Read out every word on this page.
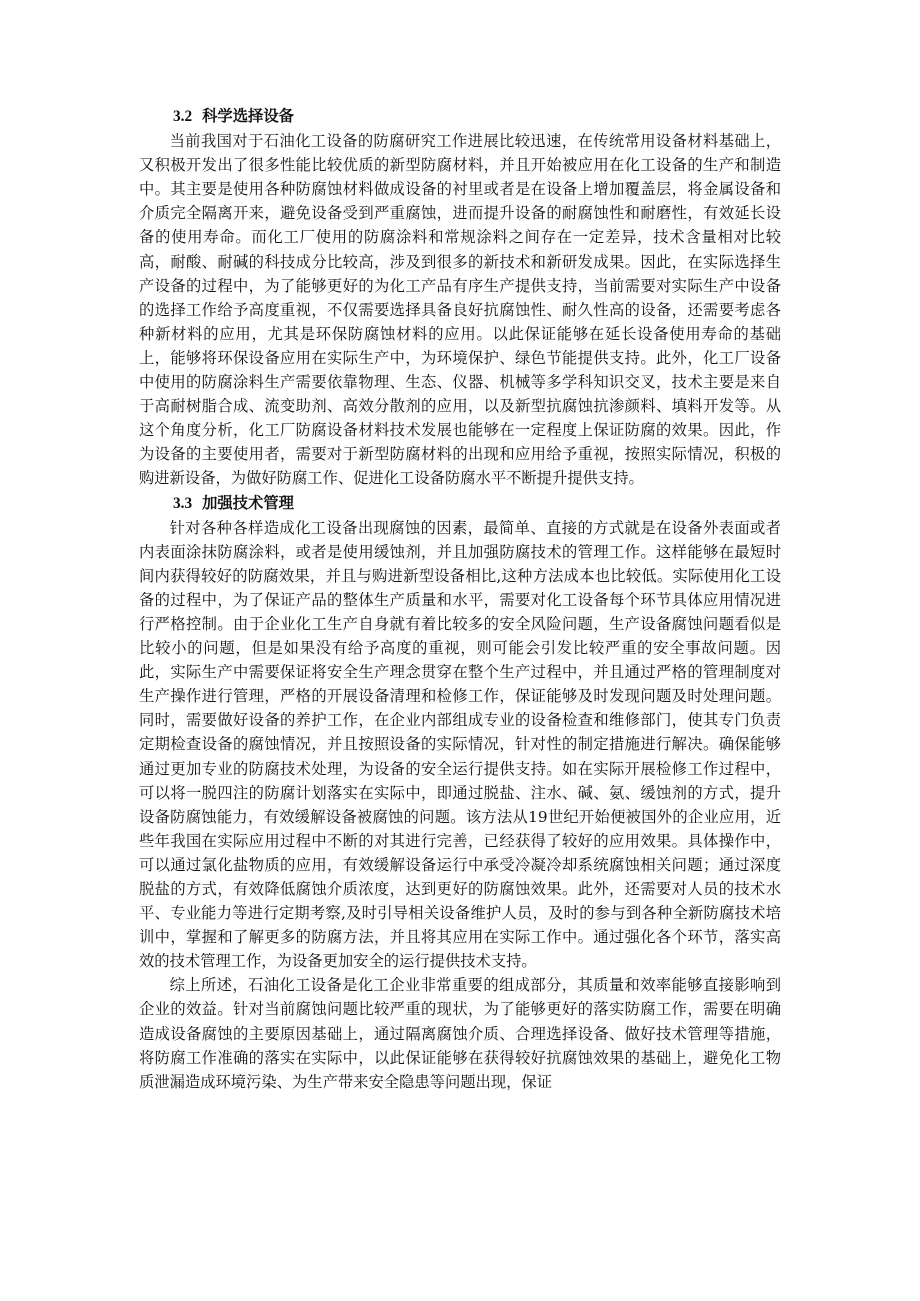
3.2 科学选择设备

当前我国对于石油化工设备的防腐研究工作进展比较迅速，在传统常用设备材料基础上，又积极开发出了很多性能比较优质的新型防腐材料，并且开始被应用在化工设备的生产和制造中。其主要是使用各种防腐蚀材料做成设备的衬里或者是在设备上增加覆盖层，将金属设备和介质完全隔离开来，避免设备受到严重腐蚀，进而提升设备的耐腐蚀性和耐磨性，有效延长设备的使用寿命。而化工厂使用的防腐涂料和常规涂料之间存在一定差异，技术含量相对比较高，耐酸、耐碱的科技成分比较高，涉及到很多的新技术和新研发成果。因此，在实际选择生产设备的过程中，为了能够更好的为化工产品有序生产提供支持，当前需要对实际生产中设备的选择工作给予高度重视，不仅需要选择具备良好抗腐蚀性、耐久性高的设备，还需要考虑各种新材料的应用，尤其是环保防腐蚀材料的应用。以此保证能够在延长设备使用寿命的基础上，能够将环保设备应用在实际生产中，为环境保护、绿色节能提供支持。此外，化工厂设备中使用的防腐涂料生产需要依靠物理、生态、仪器、机械等多学科知识交叉，技术主要是来自于高耐树脂合成、流变助剂、高效分散剂的应用，以及新型抗腐蚀抗渗颜料、填料开发等。从这个角度分析，化工厂防腐设备材料技术发展也能够在一定程度上保证防腐的效果。因此，作为设备的主要使用者，需要对于新型防腐材料的出现和应用给予重视，按照实际情况，积极的购进新设备，为做好防腐工作、促进化工设备防腐水平不断提升提供支持。

3.3 加强技术管理

针对各种各样造成化工设备出现腐蚀的因素，最简单、直接的方式就是在设备外表面或者内表面涂抹防腐涂料，或者是使用缓蚀剂，并且加强防腐技术的管理工作。这样能够在最短时间内获得较好的防腐效果，并且与购进新型设备相比,这种方法成本也比较低。实际使用化工设备的过程中，为了保证产品的整体生产质量和水平，需要对化工设备每个环节具体应用情况进行严格控制。由于企业化工生产自身就有着比较多的安全风险问题，生产设备腐蚀问题看似是比较小的问题，但是如果没有给予高度的重视，则可能会引发比较严重的安全事故问题。因此，实际生产中需要保证将安全生产理念贯穿在整个生产过程中，并且通过严格的管理制度对生产操作进行管理，严格的开展设备清理和检修工作，保证能够及时发现问题及时处理问题。同时，需要做好设备的养护工作，在企业内部组成专业的设备检查和维修部门，使其专门负责定期检查设备的腐蚀情况，并且按照设备的实际情况，针对性的制定措施进行解决。确保能够通过更加专业的防腐技术处理，为设备的安全运行提供支持。如在实际开展检修工作过程中，可以将一脱四注的防腐计划落实在实际中，即通过脱盐、注水、碱、氨、缓蚀剂的方式，提升设备防腐蚀能力，有效缓解设备被腐蚀的问题。该方法从19世纪开始便被国外的企业应用，近些年我国在实际应用过程中不断的对其进行完善，已经获得了较好的应用效果。具体操作中，可以通过氯化盐物质的应用，有效缓解设备运行中承受冷凝冷却系统腐蚀相关问题；通过深度脱盐的方式，有效降低腐蚀介质浓度，达到更好的防腐蚀效果。此外，还需要对人员的技术水平、专业能力等进行定期考察,及时引导相关设备维护人员，及时的参与到各种全新防腐技术培训中，掌握和了解更多的防腐方法，并且将其应用在实际工作中。通过强化各个环节，落实高效的技术管理工作，为设备更加安全的运行提供技术支持。

综上所述，石油化工设备是化工企业非常重要的组成部分，其质量和效率能够直接影响到企业的效益。针对当前腐蚀问题比较严重的现状，为了能够更好的落实防腐工作，需要在明确造成设备腐蚀的主要原因基础上，通过隔离腐蚀介质、合理选择设备、做好技术管理等措施，将防腐工作准确的落实在实际中，以此保证能够在获得较好抗腐蚀效果的基础上，避免化工物质泄漏造成环境污染、为生产带来安全隐患等问题出现，保证
